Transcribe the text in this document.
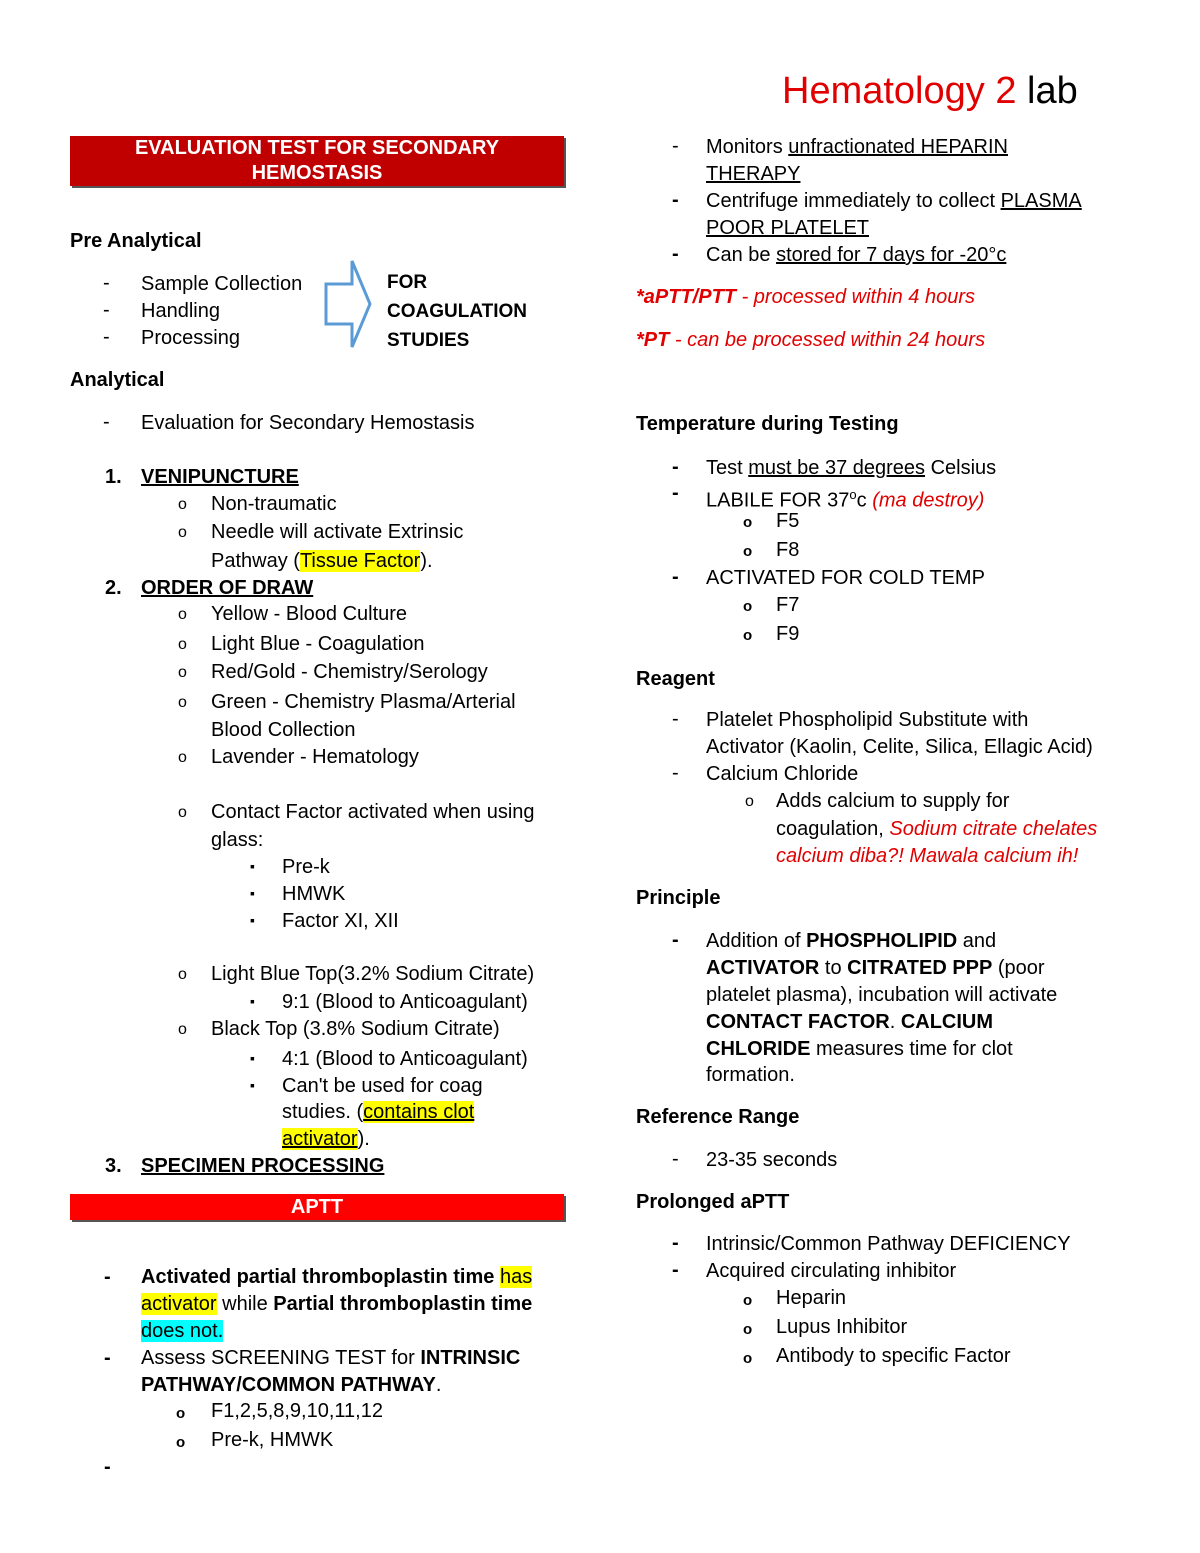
Hematology 2 lab
EVALUATION TEST FOR SECONDARY
HEMOSTASIS
Pre Analytical
- Sample Collection
- Handling
- Processing
FOR
COAGULATION
STUDIES
Analytical
- Evaluation for Secondary Hemostasis
1. VENIPUNCTURE
o Non-traumatic
o Needle will activate Extrinsic
Pathway (Tissue Factor).
2. ORDER OF DRAW
o Yellow - Blood Culture
o Light Blue - Coagulation
o Red/Gold - Chemistry/Serology
o Green - Chemistry Plasma/Arterial
Blood Collection
o Lavender - Hematology
o Contact Factor activated when using
glass:
▪ Pre-k
▪ HMWK
▪ Factor XI, XII
o Light Blue Top(3.2% Sodium Citrate)
▪ 9:1 (Blood to Anticoagulant)
o Black Top (3.8% Sodium Citrate)
▪ 4:1 (Blood to Anticoagulant)
▪ Can't be used for coag
studies. (contains clot
activator).
3. SPECIMEN PROCESSING
APTT
- Activated partial thromboplastin time has
activator while Partial thromboplastin time
does not.
- Assess SCREENING TEST for INTRINSIC
PATHWAY/COMMON PATHWAY.
o F1,2,5,8,9,10,11,12
o Pre-k, HMWK
-
- Monitors unfractionated HEPARIN
THERAPY
- Centrifuge immediately to collect PLASMA
POOR PLATELET
- Can be stored for 7 days for -20°c
*aPTT/PTT - processed within 4 hours
*PT - can be processed within 24 hours
Temperature during Testing
- Test must be 37 degrees Celsius
- LABILE FOR 37$^o$c (ma destroy)
o F5
o F8
- ACTIVATED FOR COLD TEMP
o F7
o F9
Reagent
- Platelet Phospholipid Substitute with
Activator (Kaolin, Celite, Silica, Ellagic Acid)
- Calcium Chloride
o Adds calcium to supply for
coagulation, Sodium citrate chelates
calcium diba?! Mawala calcium ih!
Principle
- Addition of PHOSPHOLIPID and
ACTIVATOR to CITRATED PPP (poor
platelet plasma), incubation will activate
CONTACT FACTOR. CALCIUM
CHLORIDE measures time for clot
formation.
Reference Range
- 23-35 seconds
Prolonged aPTT
- Intrinsic/Common Pathway DEFICIENCY
- Acquired circulating inhibitor
o Heparin
o Lupus Inhibitor
o Antibody to specific Factor
